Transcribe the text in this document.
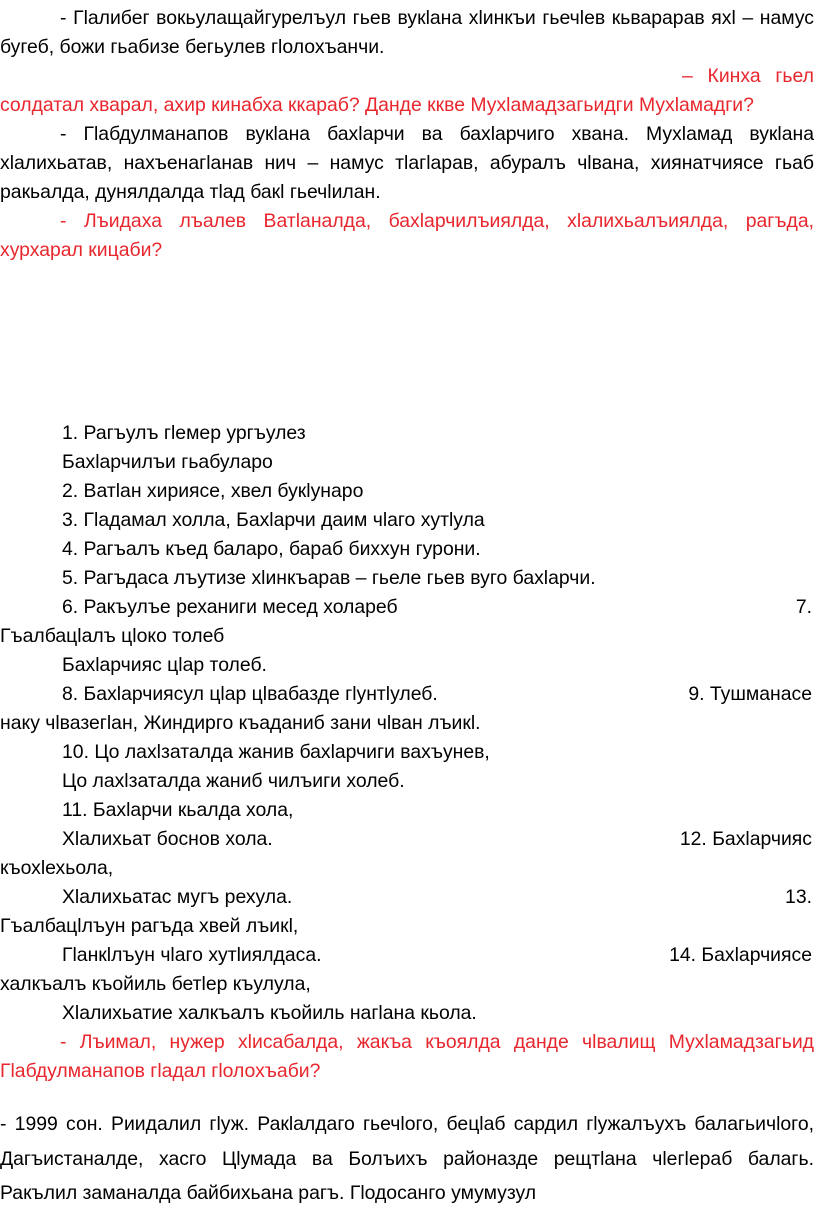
- Гlалибег вокьулащайгурелъул гьев вукlана хlинкъи гьечlев кьварарав яхl – намус бугеб, божи гьабизе бегьулев гlолохъанчи.

– Кинха гьел солдатал хварал, ахир кинабха ккараб? Данде ккве Мухlамадзагьидги Мухlамадги?

- Гlабдулманапов вукlана бахlарчи ва бахlарчиго хвана. Мухlамад вукlана хlалихьатав, нахъенагlанав нич – намус тlагlарав, абуралъ чlвана, хиянатчиясе гьаб ракьалда, дунялдалда тlад бакl гьечlилан.

- Лъидаха лъалев Ватlаналда, бахlарчилъиялда, хlалихьалъиялда, рагъда, хурхарал кицаби?

1. Рагъулъ гlемер ургъулез
Бахlарчилъи гьабуларо
2. Ватlан хириясе, хвел букlунаро
3. Гlадамал холла, Бахlарчи даим чlаго хутlула
4. Рагъалъ къед баларо, бараб биххун гурони.
5. Рагъдаса лъутизе хlинкъарав – гьеле гьев вуго бахlарчи.
6. Ракъулъе реханиги месед холареб	7.
Гъалбацlалъ цlоко толеб
Бахlарчияс цlар толеб.
8. Бахlарчиясул цlар цlвабазде гlунтlулеб.	9. Тушманасе
наку чlвазегlан, Жиндирго къаданиб зани чlван лъикl.
10. Цо лахlзаталда жанив бахlарчиги вахъунев,
Цо лахlзаталда жаниб чилъиги холеб.
11. Бахlарчи кьалда хола,
Хlалихьат боснов хола.	12. Бахlарчияс
къохlехьола,
Хlалихьатас мугъ рехула.	13.
Гъалбацlлъун рагъда хвей лъикl,
Гlанкlлъун чlаго хутlиялдаса.	14. Бахlарчиясе
халкъалъ къойиль бетlер къулула,
Хlалихьатие халкъалъ къойиль нагlана кьола.

- Лъимал, нужер хlисабалда, жакъа къоялда данде чlвалищ Мухlамадзагьид Гlабдулманапов гlадал гlолохъаби?

- 1999 сон. Риидалил гlуж. Ракlалдаго гьечlого, бецlаб сардил гlужалъухъ балагьичlого, Дагъистаналде, хасго Цlумада ва Болъихъ районазде рещтlана чlегlераб балагь. Ракълил заманалда байбихьана рагъ. Гlодосанго умумузул
